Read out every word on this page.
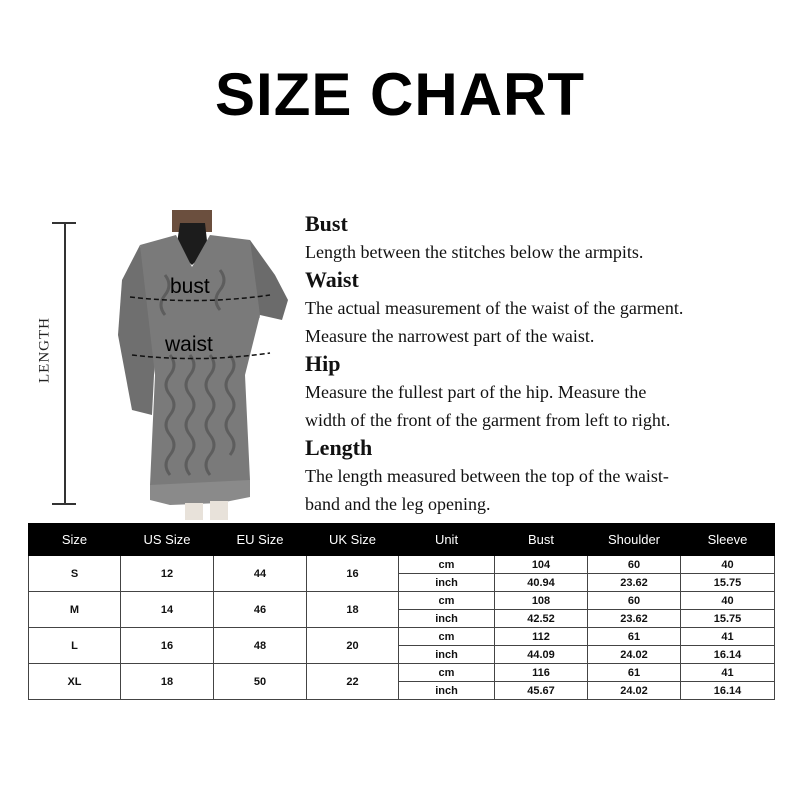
SIZE CHART
LENGTH
bust
waist
Bust
Length between the stitches below the armpits.
Waist
The actual measurement of the waist of the garment.
Measure the narrowest part of the waist.
Hip
Measure the fullest part of the hip. Measure the
width of the front of the garment from left to right.
Length
The length measured between the top of the waist-
band and the leg opening.
Size	US Size	EU Size	UK Size	Unit	Bust	Shoulder	Sleeve
S	12	44	16	cm	104	60	40
				inch	40.94	23.62	15.75
M	14	46	18	cm	108	60	40
				inch	42.52	23.62	15.75
L	16	48	20	cm	112	61	41
				inch	44.09	24.02	16.14
XL	18	50	22	cm	116	61	41
				inch	45.67	24.02	16.14
